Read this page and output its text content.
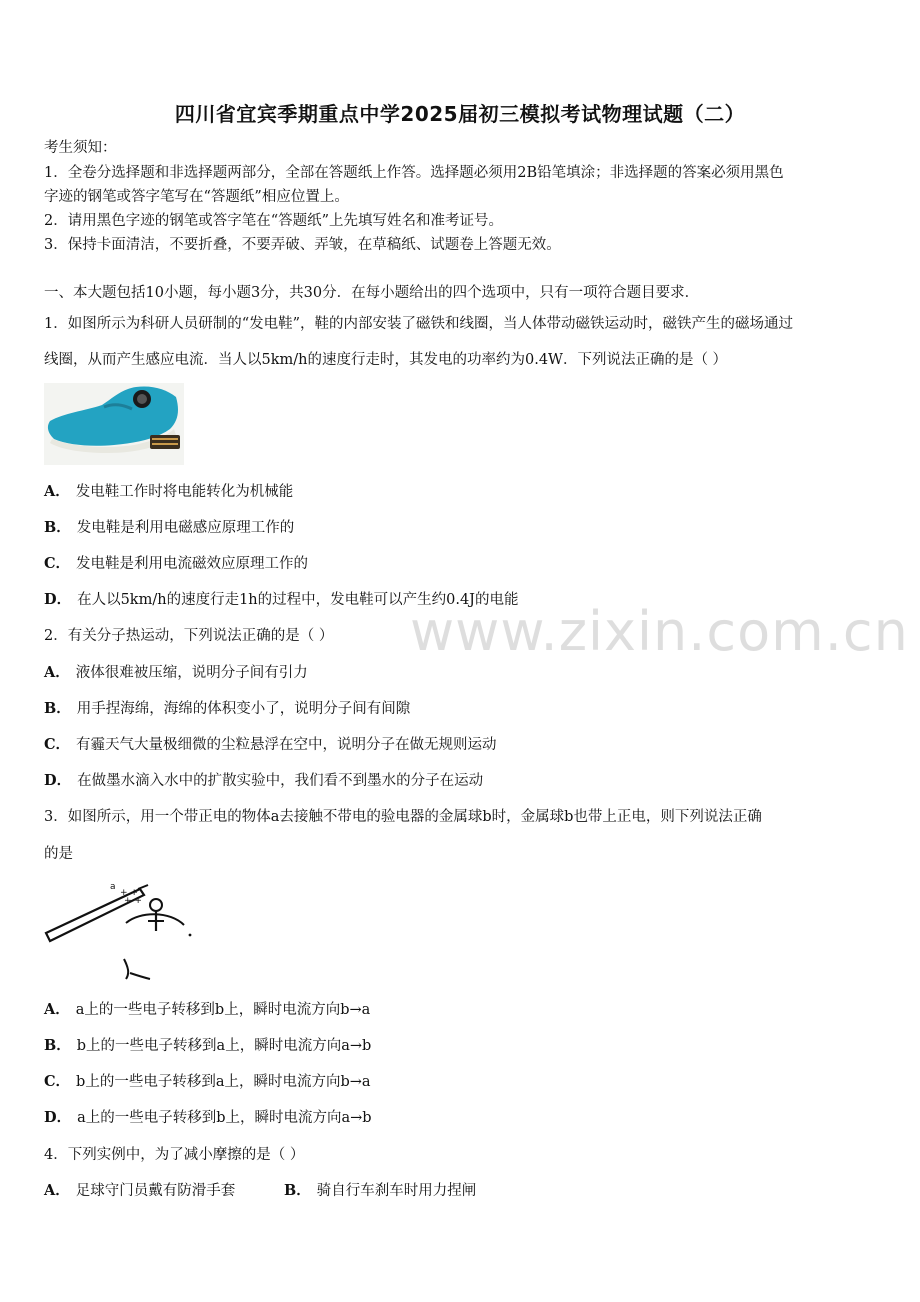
四川省宜宾季期重点中学2025届初三模拟考试物理试题（二）
考生须知：
1．全卷分选择题和非选择题两部分，全部在答题纸上作答。选择题必须用2B铅笔填涂；非选择题的答案必须用黑色
字迹的钢笔或答字笔写在“答题纸”相应位置上。
2．请用黑色字迹的钢笔或答字笔在“答题纸”上先填写姓名和准考证号。
3．保持卡面清洁，不要折叠，不要弄破、弄皱，在草稿纸、试题卷上答题无效。
一、本大题包括10小题，每小题3分，共30分．在每小题给出的四个选项中，只有一项符合题目要求．
1．如图所示为科研人员研制的“发电鞋”，鞋的内部安装了磁铁和线圈，当人体带动磁铁运动时，磁铁产生的磁场通过
线圈，从而产生感应电流．当人以5km/h的速度行走时，其发电的功率约为0.4W．下列说法正确的是（ ）
A． 发电鞋工作时将电能转化为机械能
B． 发电鞋是利用电磁感应原理工作的
C． 发电鞋是利用电流磁效应原理工作的
D． 在人以5km/h的速度行走1h的过程中，发电鞋可以产生约0.4J的电能
2．有关分子热运动，下列说法正确的是（ ）
A． 液体很难被压缩，说明分子间有引力
B． 用手捏海绵，海绵的体积变小了，说明分子间有间隙
C． 有霾天气大量极细微的尘粒悬浮在空中，说明分子在做无规则运动
D． 在做墨水滴入水中的扩散实验中，我们看不到墨水的分子在运动
3．如图所示，用一个带正电的物体a去接触不带电的验电器的金属球b时，金属球b也带上正电，则下列说法正确
的是
a
+ +
+ +
A． a上的一些电子转移到b上，瞬时电流方向b→a
B． b上的一些电子转移到a上，瞬时电流方向a→b
C． b上的一些电子转移到a上，瞬时电流方向b→a
D． a上的一些电子转移到b上，瞬时电流方向a→b
4．下列实例中，为了减小摩擦的是（ ）
A． 足球守门员戴有防滑手套	B． 骑自行车刹车时用力捏闸
www.zixin.com.cn
